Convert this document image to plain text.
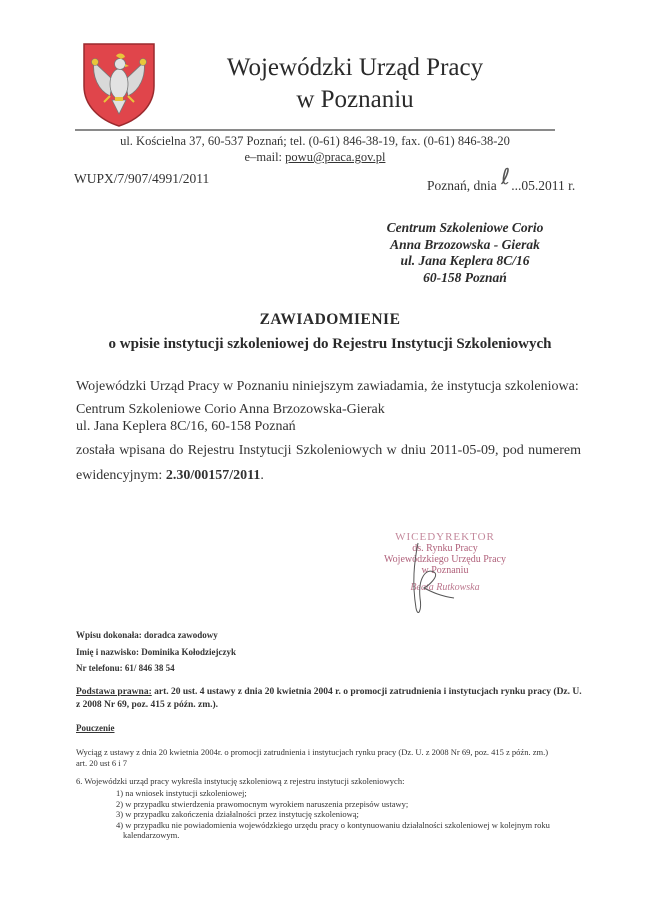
Wojewódzki Urząd Pracy
w Poznaniu
ul. Kościelna 37, 60-537 Poznań; tel. (0-61) 846-38-19, fax. (0-61) 846-38-20
e–mail: powu@praca.gov.pl
WUPX/7/907/4991/2011	Poznań, dnia ℓ...05.2011 r.
Centrum Szkoleniowe Corio
Anna Brzozowska - Gierak
ul. Jana Keplera 8C/16
60-158 Poznań
ZAWIADOMIENIE
o wpisie instytucji szkoleniowej do Rejestru Instytucji Szkoleniowych
Wojewódzki Urząd Pracy w Poznaniu niniejszym zawiadamia, że instytucja szkoleniowa:
Centrum Szkoleniowe Corio Anna Brzozowska-Gierak
ul. Jana Keplera 8C/16, 60-158 Poznań
została wpisana do Rejestru Instytucji Szkoleniowych w dniu 2011-05-09, pod numerem
ewidencyjnym: 2.30/00157/2011.
WICEDYREKTOR
ds. Rynku Pracy
Wojewódzkiego Urzędu Pracy
w Poznaniu
Beata Rutkowska
Wpisu dokonała: doradca zawodowy
Imię i nazwisko: Dominika Kołodziejczyk
Nr telefonu: 61/ 846 38 54
Podstawa prawna: art. 20 ust. 4 ustawy z dnia 20 kwietnia 2004 r. o promocji zatrudnienia i instytucjach rynku pracy (Dz. U. z 2008 Nr 69, poz. 415 z późn. zm.).
Pouczenie
Wyciąg z ustawy z dnia 20 kwietnia 2004r. o promocji zatrudnienia i instytucjach rynku pracy (Dz. U. z 2008 Nr 69, poz. 415 z późn. zm.)
art. 20 ust 6 i 7
6. Wojewódzki urząd pracy wykreśla instytucję szkoleniową z rejestru instytucji szkoleniowych:
1) na wniosek instytucji szkoleniowej;
2) w przypadku stwierdzenia prawomocnym wyrokiem naruszenia przepisów ustawy;
3) w przypadku zakończenia działalności przez instytucję szkoleniową;
4) w przypadku nie powiadomienia wojewódzkiego urzędu pracy o kontynuowaniu działalności szkoleniowej w kolejnym roku
kalendarzowym.
